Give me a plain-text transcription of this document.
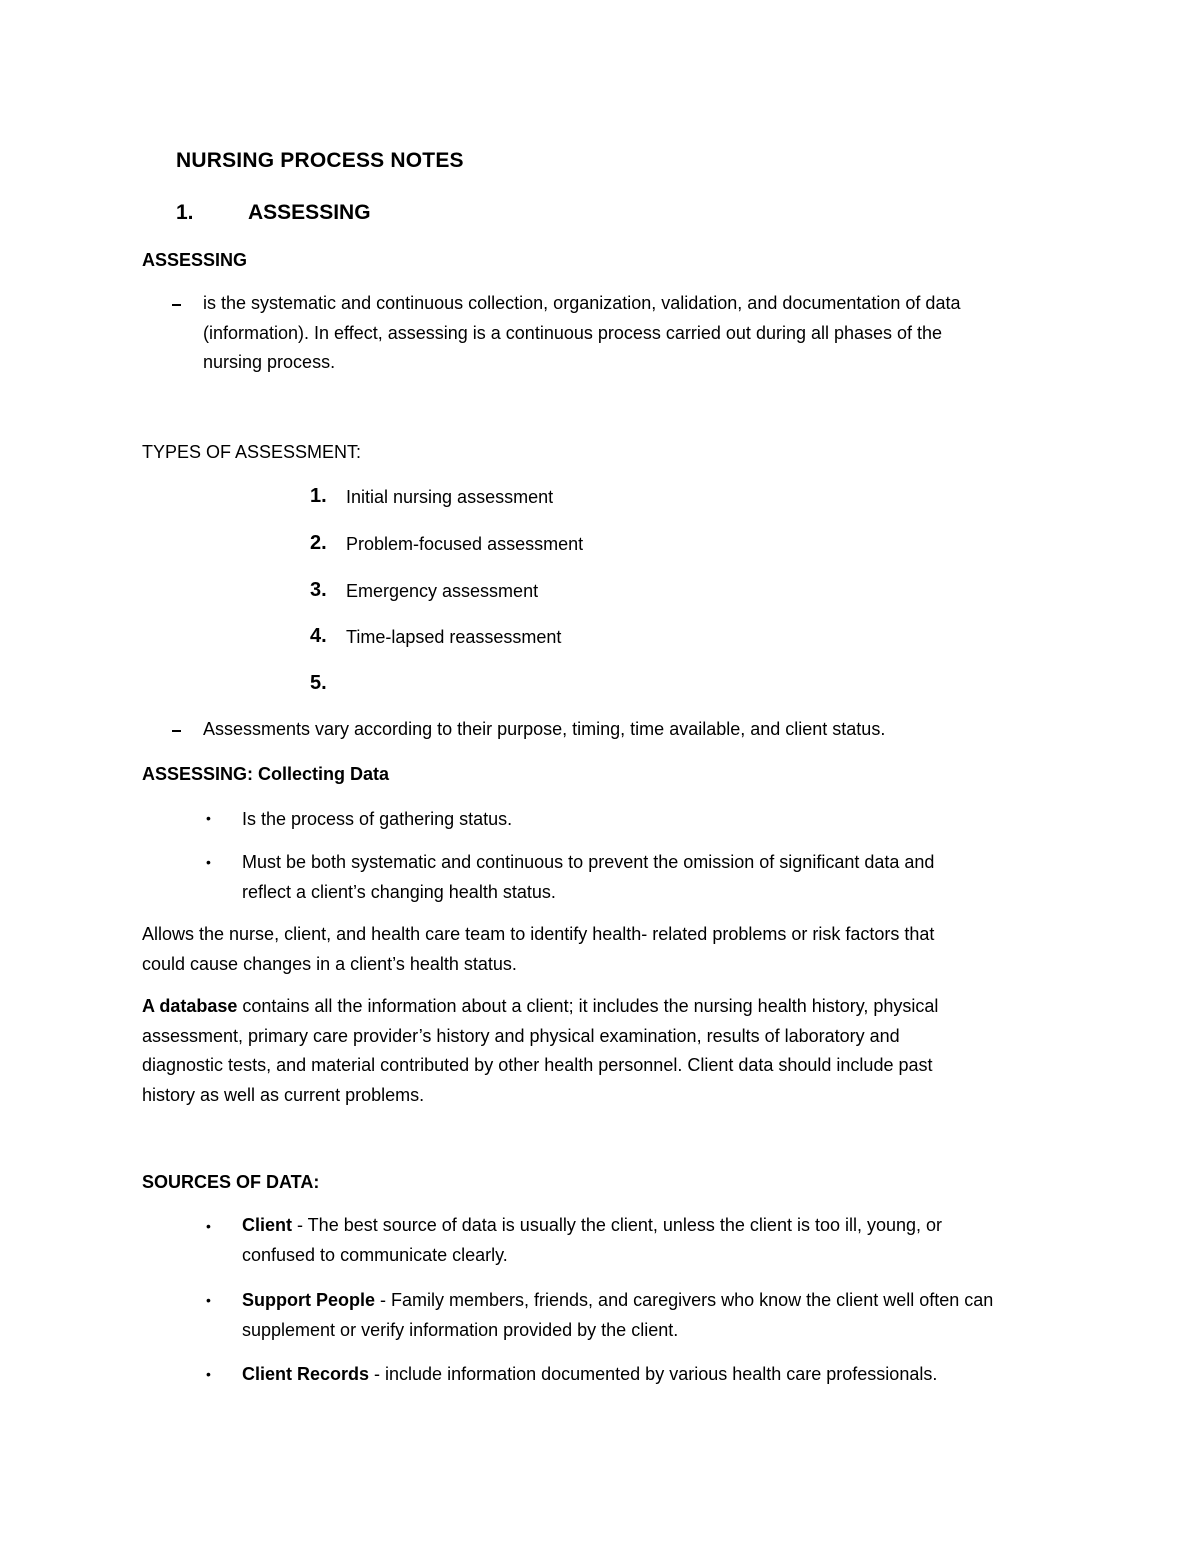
NURSING PROCESS NOTES
1.	ASSESSING
ASSESSING
is the systematic and continuous collection, organization, validation, and documentation of data
(information). In effect, assessing is a continuous process carried out during all phases of the
nursing process.
TYPES OF ASSESSMENT:
1. Initial nursing assessment
2. Problem-focused assessment
3. Emergency assessment
4. Time-lapsed reassessment
5.
Assessments vary according to their purpose, timing, time available, and client status.
ASSESSING: Collecting Data
• Is the process of gathering status.
• Must be both systematic and continuous to prevent the omission of significant data and
reflect a client’s changing health status.
Allows the nurse, client, and health care team to identify health- related problems or risk factors that
could cause changes in a client’s health status.
A database contains all the information about a client; it includes the nursing health history, physical
assessment, primary care provider’s history and physical examination, results of laboratory and
diagnostic tests, and material contributed by other health personnel. Client data should include past
history as well as current problems.
SOURCES OF DATA:
• Client - The best source of data is usually the client, unless the client is too ill, young, or
confused to communicate clearly.
• Support People - Family members, friends, and caregivers who know the client well often can
supplement or verify information provided by the client.
• Client Records - include information documented by various health care professionals.
